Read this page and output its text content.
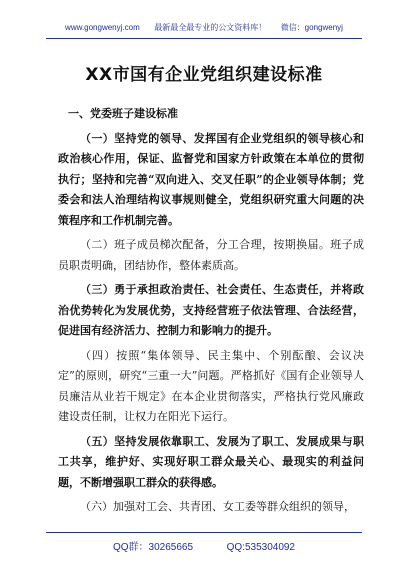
www.gongwenyj.com 最新最全最专业的公文资料库！ 微信：gongwenyj
XX市国有企业党组织建设标准
一、党委班子建设标准

（一）坚持党的领导、发挥国有企业党组织的领导核心和政治核心作用，保证、监督党和国家方针政策在本单位的贯彻执行；坚持和完善“双向进入、交叉任职”的企业领导体制；党委会和法人治理结构议事规则健全，党组织研究重大问题的决策程序和工作机制完善。

（二）班子成员梯次配备，分工合理，按期换届。班子成员职责明确，团结协作，整体素质高。

（三）勇于承担政治责任、社会责任、生态责任，并将政治优势转化为发展优势，支持经营班子依法管理、合法经营，促进国有经济活力、控制力和影响力的提升。

（四）按照“集体领导、民主集中、个别酝酿、会议决定”的原则，研究“三重一大”问题。严格抓好《国有企业领导人员廉洁从业若干规定》在本企业贯彻落实，严格执行党风廉政建设责任制，让权力在阳光下运行。

（五）坚持发展依靠职工、发展为了职工、发展成果与职工共享，维护好、实现好职工群众最关心、最现实的利益问题，不断增强职工群众的获得感。

（六）加强对工会、共青团、女工委等群众组织的领导，

QQ群：30265665	QQ:535304092
